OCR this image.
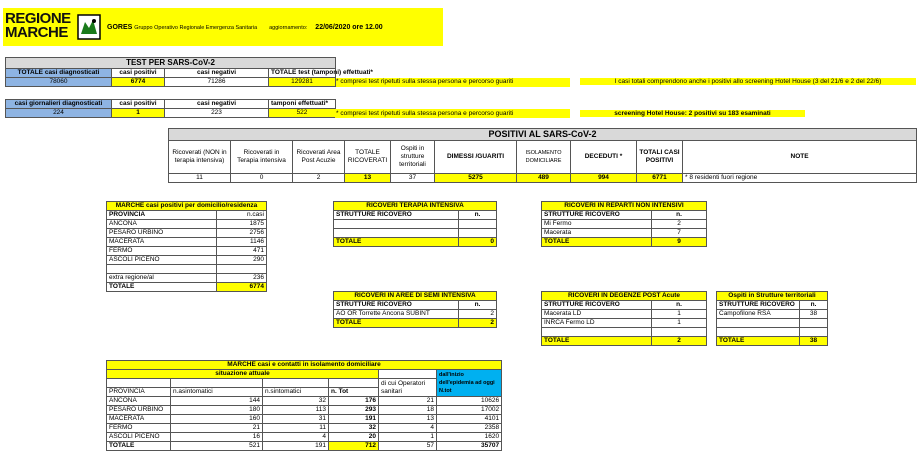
REGIONE
MARCHE	GORES Gruppo Operativo Regionale Emergenza Sanitaria aggiornamento: 22/06/2020 ore 12.00
TEST PER SARS-CoV-2			
TOTALE casi diagnosticati	casi positivi	casi negativi	TOTALE test (tamponi) effettuati*
78060	6774	71286	129281	* compresi test ripetuti sulla stessa persona e percorso guariti	I casi totali comprendono anche i positivi allo screening Hotel House (3 del 21/6 e 2 del 22/6)
casi giornalieri diagnosticati	casi positivi	casi negativi	tamponi effettuati*
224	1	223	522	* compresi test ripetuti sulla stessa persona e percorso guariti	screening Hotel House: 2 positivi su 183 esaminati
POSITIVI AL SARS-CoV-2									
Ricoverati (NON in terapia intensiva)	Ricoverati in Terapia intensiva	Ricoverati Area Post Acuzie	TOTALE RICOVERATI	Ospiti in strutture territoriali	DIMESSI /GUARITI	ISOLAMENTO DOMICILIARE	DECEDUTI *	TOTALI CASI POSITIVI	NOTE
11	0	2	13	37	5275	489	994	6771	* 8 residenti fuori regione
MARCHE casi positivi per domicilio/residenza	
PROVINCIA	n.casi
ANCONA	1875
PESARO URBINO	2756
MACERATA	1146
FERMO	471
ASCOLI PICENO	290

extra regione/al	236
TOTALE	6774
RICOVERI TERAPIA INTENSIVA	
STRUTTURE RICOVERO	n.

TOTALE	0
RICOVERI IN REPARTI NON INTENSIVI	
STRUTTURE RICOVERO	n.
Mi Fermo	2
Macerata	7
TOTALE	9
RICOVERI IN AREE DI SEMI INTENSIVA	
STRUTTURE RICOVERO	n.
AO OR Torrette Ancona SUBINT	2
TOTALE	2
RICOVERI IN DEGENZE POST Acute	
STRUTTURE RICOVERO	n.
Macerata LD	1
INRCA Fermo LD	1

TOTALE	2
Ospiti in Strutture territoriali	
STRUTTURE RICOVERO	n.
Campofilone RSA	38

TOTALE	38
MARCHE casi e contatti in isolamento domiciliare					
situazione attuale					dall'inizio dell'epidemia ad oggi N.tot
				di cui Operatori sanitari	
PROVINCIA	n.asintomatici	n.sintomatici	n. Tot		
ANCONA	144	32	176	21	10626
PESARO URBINO	180	113	293	18	17002
MACERATA	160	31	191	13	4101
FERMO	21	11	32	4	2358
ASCOLI PICENO	16	4	20	1	1620
TOTALE	521	191	712	57	35707
